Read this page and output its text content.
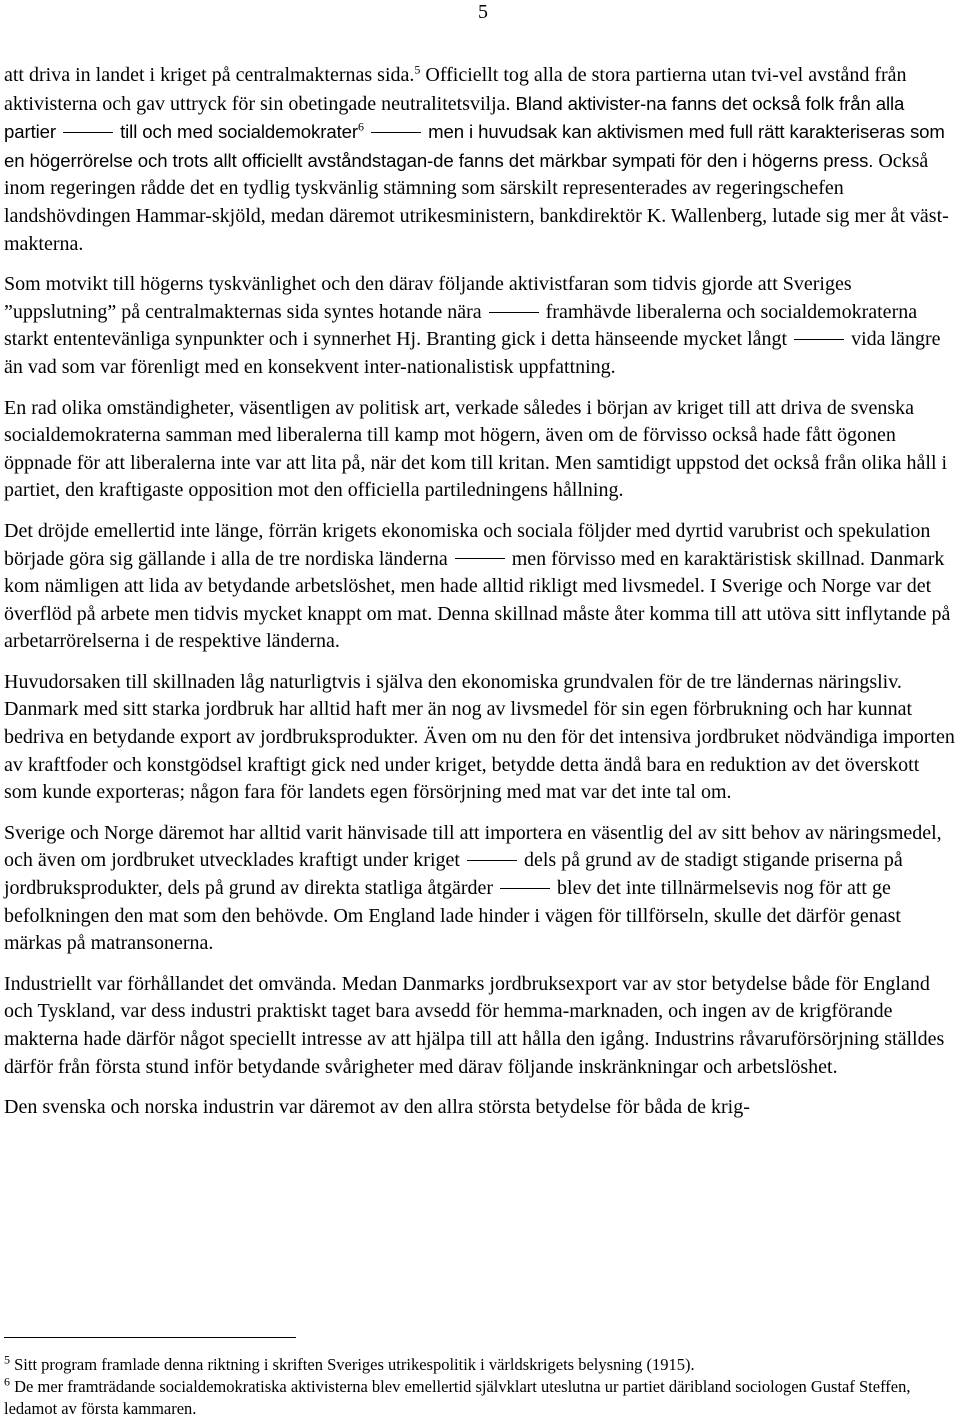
5

att driva in landet i kriget på centralmakternas sida.$^5$ Officiellt tog alla de stora partierna utan tvi-vel avstånd från aktivisterna och gav uttryck för sin obetingade neutralitetsvilja. Bland aktivister-na fanns det också folk från alla partier	till och med socialdemokrater$^6$	men i huvudsak kan aktivismen med full rätt karakteriseras som en högerrörelse och trots allt officiellt avståndstagan-de fanns det märkbar sympati för den i högerns press. Också inom regeringen rådde det en tydlig tyskvänlig stämning som särskilt representerades av regeringschefen landshövdingen Hammar-skjöld, medan däremot utrikesministern, bankdirektör K. Wallenberg, lutade sig mer åt väst-makterna.

Som motvikt till högerns tyskvänlighet och den därav följande aktivistfaran som tidvis gjorde att Sveriges ”uppslutning” på centralmakternas sida syntes hotande nära	framhävde liberalerna och socialdemokraterna starkt ententevänliga synpunkter och i synnerhet Hj. Branting gick i detta hänseende mycket långt	vida längre än vad som var förenligt med en konsekvent inter-nationalistisk uppfattning.

En rad olika omständigheter, väsentligen av politisk art, verkade således i början av kriget till att driva de svenska socialdemokraterna samman med liberalerna till kamp mot högern, även om de förvisso också hade fått ögonen öppnade för att liberalerna inte var att lita på, när det kom till kritan. Men samtidigt uppstod det också från olika håll i partiet, den kraftigaste opposition mot den officiella partiledningens hållning.

Det dröjde emellertid inte länge, förrän krigets ekonomiska och sociala följder med dyrtid varubrist och spekulation började göra sig gällande i alla de tre nordiska länderna	men förvisso med en karaktäristisk skillnad. Danmark kom nämligen att lida av betydande arbetslöshet, men hade alltid rikligt med livsmedel. I Sverige och Norge var det överflöd på arbete men tidvis mycket knappt om mat. Denna skillnad måste åter komma till att utöva sitt inflytande på arbetarrörelserna i de respektive länderna.

Huvudorsaken till skillnaden låg naturligtvis i själva den ekonomiska grundvalen för de tre ländernas näringsliv. Danmark med sitt starka jordbruk har alltid haft mer än nog av livsmedel för sin egen förbrukning och har kunnat bedriva en betydande export av jordbruksprodukter. Även om nu den för det intensiva jordbruket nödvändiga importen av kraftfoder och konstgödsel kraftigt gick ned under kriget, betydde detta ändå bara en reduktion av det överskott som kunde exporteras; någon fara för landets egen försörjning med mat var det inte tal om.

Sverige och Norge däremot har alltid varit hänvisade till att importera en väsentlig del av sitt behov av näringsmedel, och även om jordbruket utvecklades kraftigt under kriget	dels på grund av de stadigt stigande priserna på jordbruksprodukter, dels på grund av direkta statliga åtgärder	blev det inte tillnärmelsevis nog för att ge befolkningen den mat som den behövde. Om England lade hinder i vägen för tillförseln, skulle det därför genast märkas på matransonerna.

Industriellt var förhållandet det omvända. Medan Danmarks jordbruksexport var av stor betydelse både för England och Tyskland, var dess industri praktiskt taget bara avsedd för hemma-marknaden, och ingen av de krigförande makterna hade därför något speciellt intresse av att hjälpa till att hålla den igång. Industrins råvaruförsörjning ställdes därför från första stund inför betydande svårigheter med därav följande inskränkningar och arbetslöshet.

Den svenska och norska industrin var däremot av den allra största betydelse för båda de krig-

$^5$ Sitt program framlade denna riktning i skriften Sveriges utrikespolitik i världskrigets belysning (1915).

$^6$ De mer framträdande socialdemokratiska aktivisterna blev emellertid självklart uteslutna ur partiet däribland sociologen Gustaf Steffen, ledamot av första kammaren.
